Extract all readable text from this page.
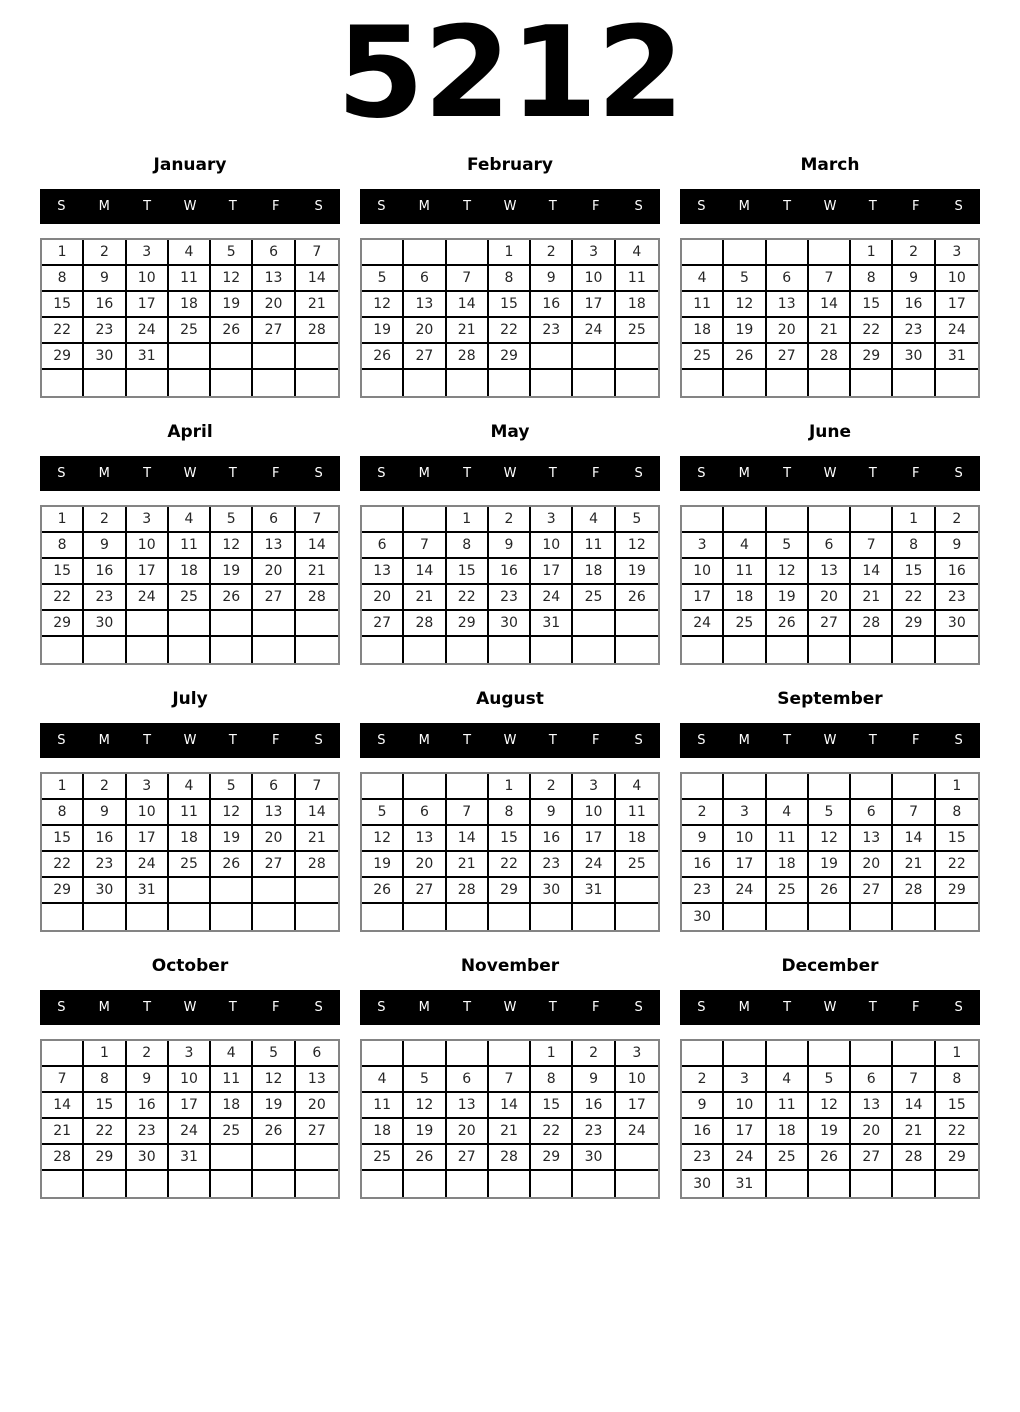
5212
January
S	M	T	W	T	F	S
1	2	3	4	5	6	7
8	9	10	11	12	13	14
15	16	17	18	19	20	21
22	23	24	25	26	27	28
29	30	31				

February
S	M	T	W	T	F	S
			1	2	3	4
5	6	7	8	9	10	11
12	13	14	15	16	17	18
19	20	21	22	23	24	25
26	27	28	29			

March
S	M	T	W	T	F	S
				1	2	3
4	5	6	7	8	9	10
11	12	13	14	15	16	17
18	19	20	21	22	23	24
25	26	27	28	29	30	31

April
S	M	T	W	T	F	S
1	2	3	4	5	6	7
8	9	10	11	12	13	14
15	16	17	18	19	20	21
22	23	24	25	26	27	28
29	30					

May
S	M	T	W	T	F	S
		1	2	3	4	5
6	7	8	9	10	11	12
13	14	15	16	17	18	19
20	21	22	23	24	25	26
27	28	29	30	31		

June
S	M	T	W	T	F	S
					1	2
3	4	5	6	7	8	9
10	11	12	13	14	15	16
17	18	19	20	21	22	23
24	25	26	27	28	29	30

July
S	M	T	W	T	F	S
1	2	3	4	5	6	7
8	9	10	11	12	13	14
15	16	17	18	19	20	21
22	23	24	25	26	27	28
29	30	31				

August
S	M	T	W	T	F	S
			1	2	3	4
5	6	7	8	9	10	11
12	13	14	15	16	17	18
19	20	21	22	23	24	25
26	27	28	29	30	31	

September
S	M	T	W	T	F	S
						1
2	3	4	5	6	7	8
9	10	11	12	13	14	15
16	17	18	19	20	21	22
23	24	25	26	27	28	29
30						
October
S	M	T	W	T	F	S
	1	2	3	4	5	6
7	8	9	10	11	12	13
14	15	16	17	18	19	20
21	22	23	24	25	26	27
28	29	30	31			

November
S	M	T	W	T	F	S
				1	2	3
4	5	6	7	8	9	10
11	12	13	14	15	16	17
18	19	20	21	22	23	24
25	26	27	28	29	30	

December
S	M	T	W	T	F	S
						1
2	3	4	5	6	7	8
9	10	11	12	13	14	15
16	17	18	19	20	21	22
23	24	25	26	27	28	29
30	31					
